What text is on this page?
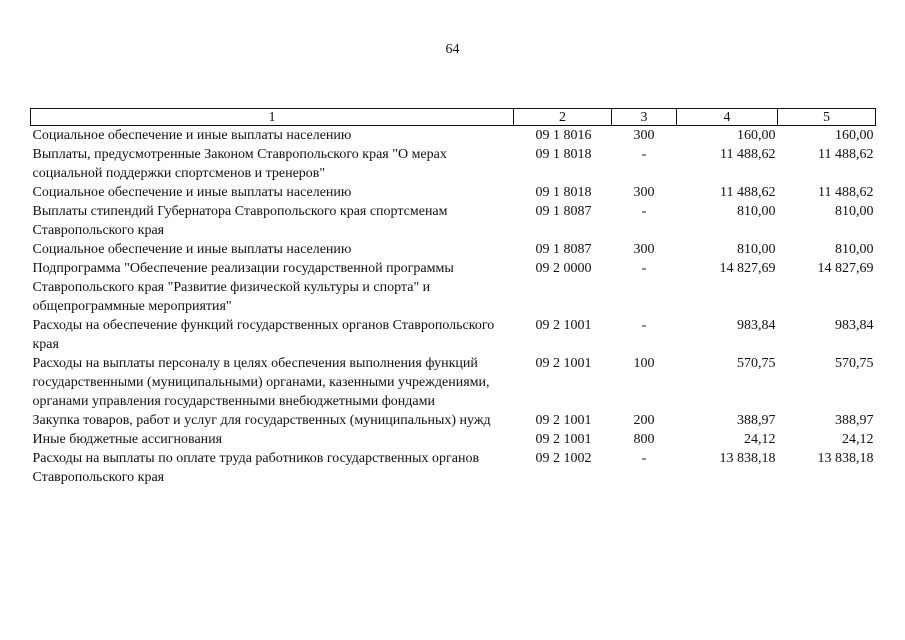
64
1	2	3	4	5
Социальное обеспечение и иные выплаты населению	09 1 8016	300	160,00	160,00
Выплаты, предусмотренные Законом Ставропольского края "О мерах социальной поддержки спортсменов и тренеров"	09 1 8018	-	11 488,62	11 488,62
Социальное обеспечение и иные выплаты населению	09 1 8018	300	11 488,62	11 488,62
Выплаты стипендий Губернатора Ставропольского края спортсменам Ставропольского края	09 1 8087	-	810,00	810,00
Социальное обеспечение и иные выплаты населению	09 1 8087	300	810,00	810,00
Подпрограмма "Обеспечение реализации государственной программы Ставропольского края "Развитие физической культуры и спорта" и общепрограммные мероприятия"	09 2 0000	-	14 827,69	14 827,69
Расходы на обеспечение функций государственных органов Ставропольского края	09 2 1001	-	983,84	983,84
Расходы на выплаты персоналу в целях обеспечения выполнения функций государственными (муниципальными) органами, казенными учреждениями, органами управления государственными внебюджетными фондами	09 2 1001	100	570,75	570,75
Закупка товаров, работ и услуг для государственных (муниципальных) нужд	09 2 1001	200	388,97	388,97
Иные бюджетные ассигнования	09 2 1001	800	24,12	24,12
Расходы на выплаты по оплате труда работников государственных органов Ставропольского края	09 2 1002	-	13 838,18	13 838,18
